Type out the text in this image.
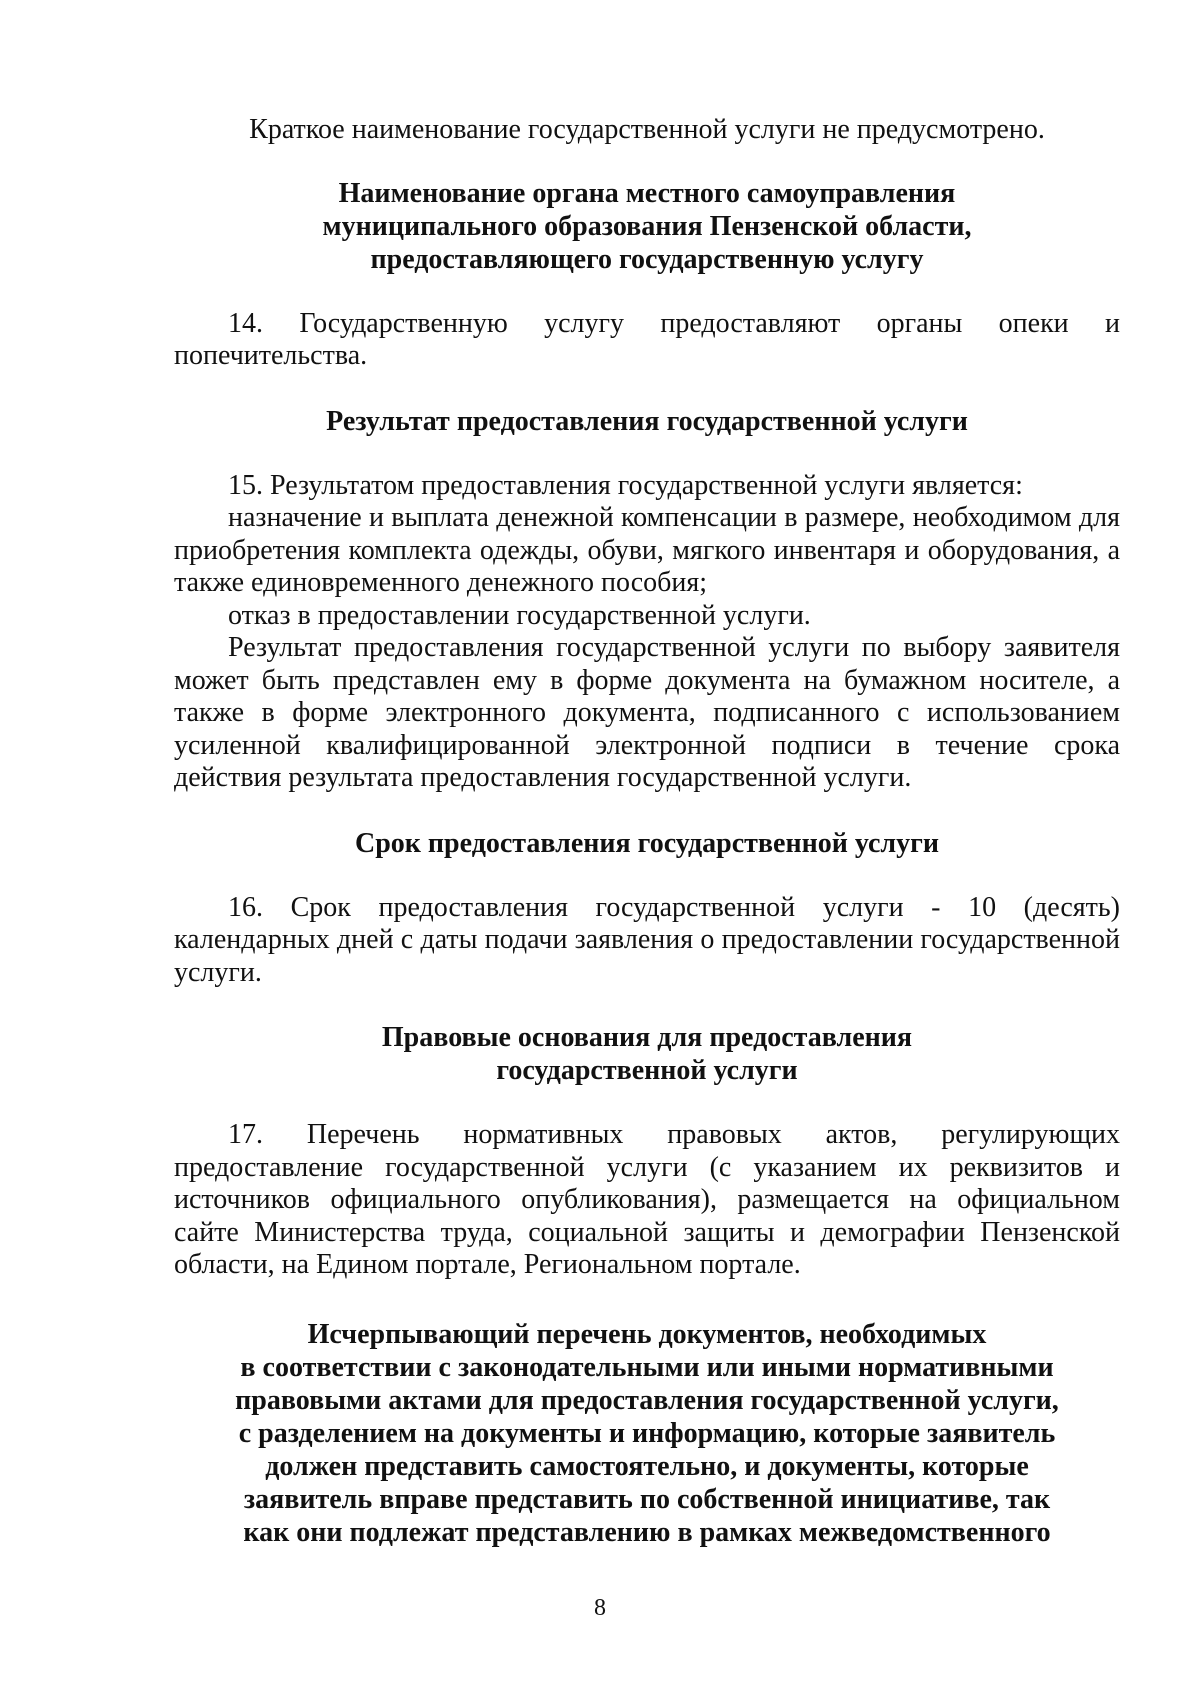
Краткое наименование государственной услуги не предусмотрено.

Наименование органа местного самоуправления
муниципального образования Пензенской области,
предоставляющего государственную услугу

14. Государственную услугу предоставляют органы опеки и попечительства.

Результат предоставления государственной услуги

15. Результатом предоставления государственной услуги является:

назначение и выплата денежной компенсации в размере, необходимом для приобретения комплекта одежды, обуви, мягкого инвентаря и оборудования, а также единовременного денежного пособия;

отказ в предоставлении государственной услуги.

Результат предоставления государственной услуги по выбору заявителя может быть представлен ему в форме документа на бумажном носителе, а также в форме электронного документа, подписанного с использованием усиленной квалифицированной электронной подписи в течение срока действия результата предоставления государственной услуги.

Срок предоставления государственной услуги

16. Срок предоставления государственной услуги - 10 (десять) календарных дней с даты подачи заявления о предоставлении государственной услуги.

Правовые основания для предоставления
государственной услуги

17. Перечень нормативных правовых актов, регулирующих предоставление государственной услуги (с указанием их реквизитов и источников официального опубликования), размещается на официальном сайте Министерства труда, социальной защиты и демографии Пензенской области, на Едином портале, Региональном портале.

Исчерпывающий перечень документов, необходимых
в соответствии с законодательными или иными нормативными
правовыми актами для предоставления государственной услуги,
с разделением на документы и информацию, которые заявитель
должен представить самостоятельно, и документы, которые
заявитель вправе представить по собственной инициативе, так
как они подлежат представлению в рамках межведомственного
8
